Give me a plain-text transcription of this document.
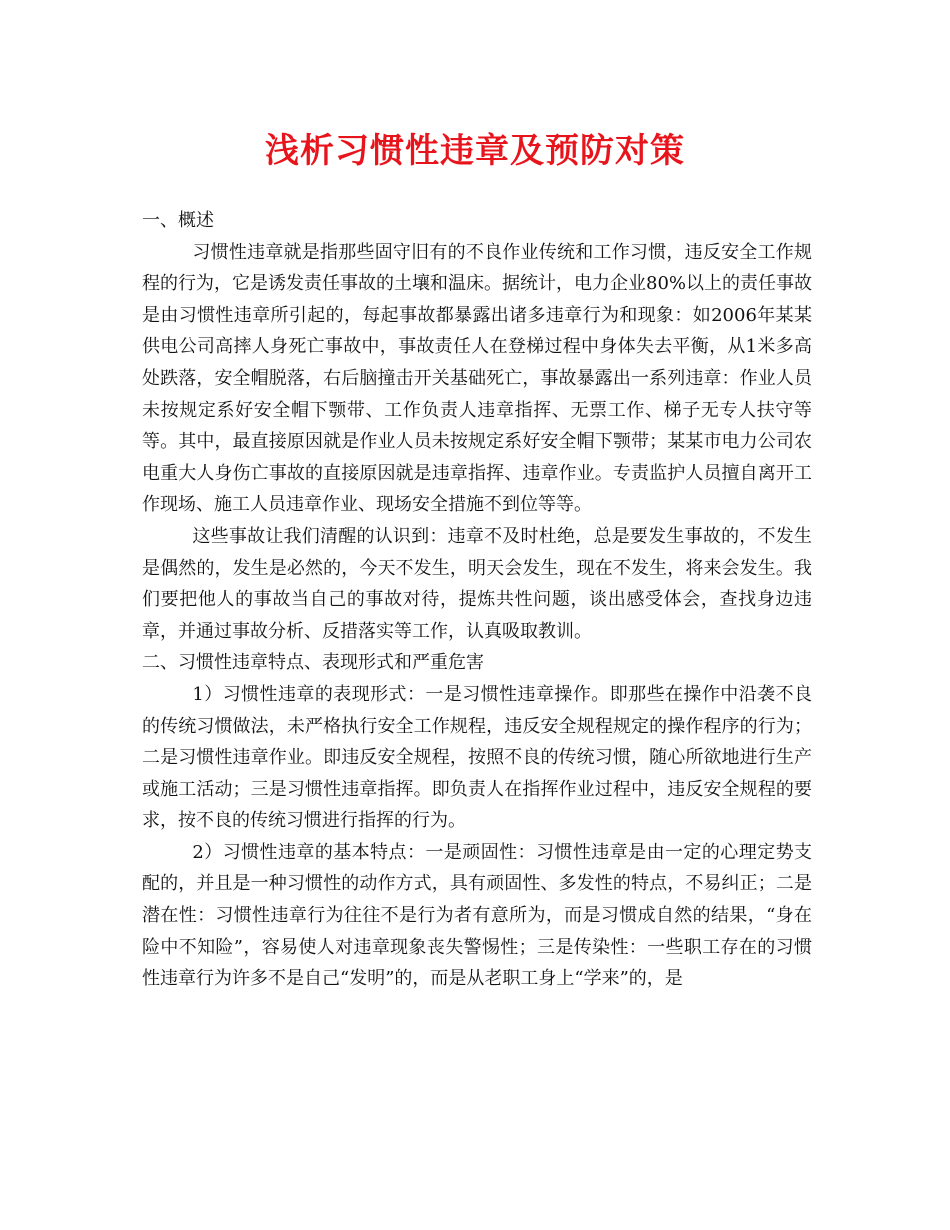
浅析习惯性违章及预防对策

一、概述

习惯性违章就是指那些固守旧有的不良作业传统和工作习惯，违反安全工作规程的行为，它是诱发责任事故的土壤和温床。据统计，电力企业80%以上的责任事故是由习惯性违章所引起的，每起事故都暴露出诸多违章行为和现象：如2006年某某供电公司高摔人身死亡事故中，事故责任人在登梯过程中身体失去平衡，从1米多高处跌落，安全帽脱落，右后脑撞击开关基础死亡，事故暴露出一系列违章：作业人员未按规定系好安全帽下颚带、工作负责人违章指挥、无票工作、梯子无专人扶守等等。其中，最直接原因就是作业人员未按规定系好安全帽下颚带；某某市电力公司农电重大人身伤亡事故的直接原因就是违章指挥、违章作业。专责监护人员擅自离开工作现场、施工人员违章作业、现场安全措施不到位等等。

这些事故让我们清醒的认识到：违章不及时杜绝，总是要发生事故的，不发生是偶然的，发生是必然的，今天不发生，明天会发生，现在不发生，将来会发生。我们要把他人的事故当自己的事故对待，提炼共性问题，谈出感受体会，查找身边违章，并通过事故分析、反措落实等工作，认真吸取教训。

二、习惯性违章特点、表现形式和严重危害

1）习惯性违章的表现形式：一是习惯性违章操作。即那些在操作中沿袭不良的传统习惯做法，未严格执行安全工作规程，违反安全规程规定的操作程序的行为；二是习惯性违章作业。即违反安全规程，按照不良的传统习惯，随心所欲地进行生产或施工活动；三是习惯性违章指挥。即负责人在指挥作业过程中，违反安全规程的要求，按不良的传统习惯进行指挥的行为。

2）习惯性违章的基本特点：一是顽固性：习惯性违章是由一定的心理定势支配的，并且是一种习惯性的动作方式，具有顽固性、多发性的特点，不易纠正；二是潜在性：习惯性违章行为往往不是行为者有意所为，而是习惯成自然的结果，“身在险中不知险”，容易使人对违章现象丧失警惕性；三是传染性：一些职工存在的习惯性违章行为许多不是自己“发明”的，而是从老职工身上“学来”的，是
